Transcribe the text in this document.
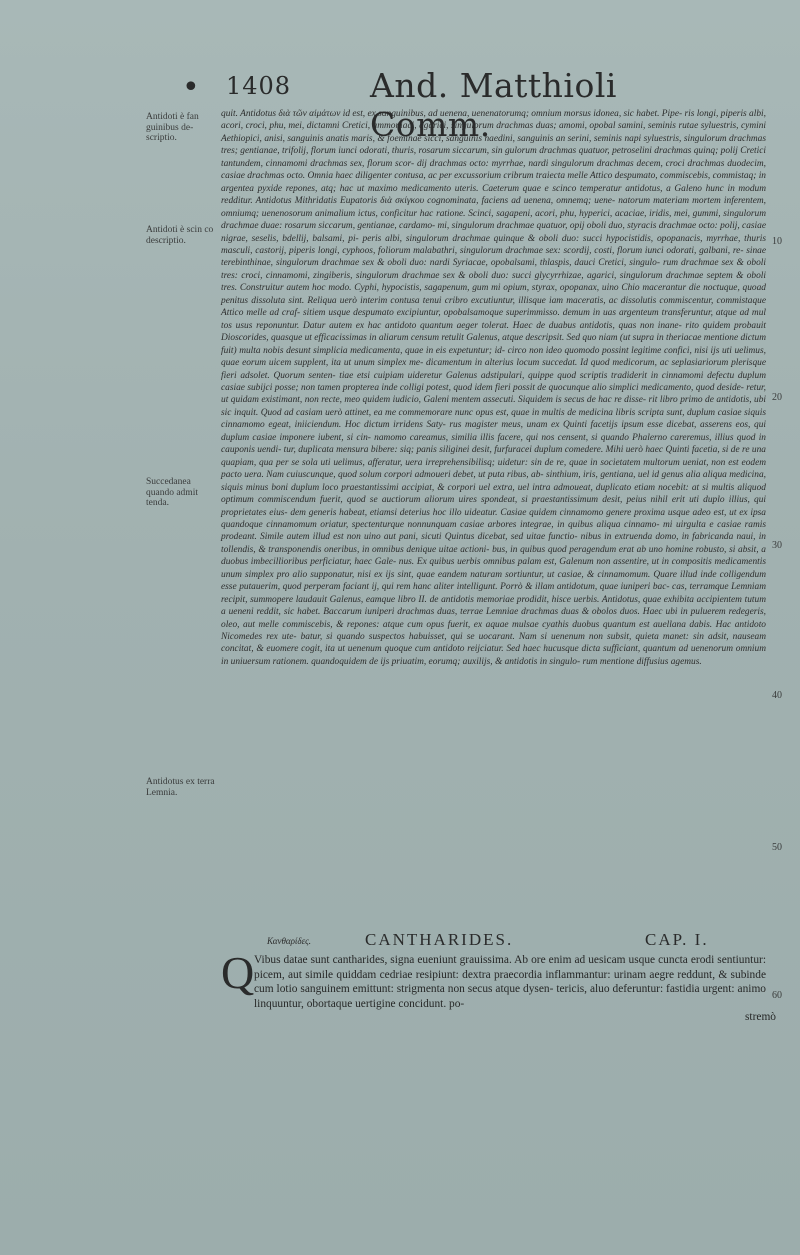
• 1408 And. Matthioli Comm.
Antidoti è fan guinibus de-scriptio.
Antidoti è scin co descriptio.
Succedanea quando admit tenda.
Antidotus ex terra Lemnia.
10
20
30
40
50
60

quit. Antidotus διὰ τῶν αἱμάτων id est, ex sanguinibus, ad uenena, uenenatorumq; omnium morsus idonea, sic habet. Pipe- ris longi, piperis albi, acori, croci, phu, mei, dictamni Cretici, ammoniaci, agarici, singulorum drachmas duas; amomi, opobal samini, seminis rutae syluestris, cymini Aethiopici, anisi, sanguinis anatis maris, & foeminae sicci, sanguinis haedini, sanguinis an serini, seminis napi syluestris, singulorum drachmas tres; gentianae, trifolij, florum iunci odorati, thuris, rosarum siccarum, sin gulorum drachmas quatuor, petroselini drachmas quinq; polij Cretici tantundem, cinnamomi drachmas sex, florum scor- dij drachmas octo: myrrhae, nardi singulorum drachmas decem, croci drachmas duodecim, casiae drachmas octo. Omnia haec diligenter contusa, ac per excussorium cribrum traiecta melle Attico despumato, commiscebis, commistaq; in argentea pyxide repones, atq; hac ut maximo medicamento uteris. Caeterum quae e scinco temperatur antidotus, a Galeno hunc in modum redditur. Antidotus Mithridatis Eupatoris διὰ σκίγκου cognominata, faciens ad uenena, omnemq; uene- natorum materiam mortem inferentem, omniumq; uenenosorum animalium ictus, conficitur hac ratione. Scinci, sagapeni, acori, phu, hyperici, acaciae, iridis, mei, gummi, singulorum drachmae duae: rosarum siccarum, gentianae, cardamo- mi, singulorum drachmae quatuor, opij oboli duo, styracis drachmae octo: polij, casiae nigrae, seselis, bdellij, balsami, pi- peris albi, singulorum drachmae quinque & oboli duo: succi hypocistidis, opopanacis, myrrhae, thuris masculi, castorij, piperis longi, cyphoos, foliorum malabathri, singulorum drachmae sex: scordij, costi, florum iunci odorati, galbani, re- sinae terebinthinae, singulorum drachmae sex & oboli duo: nardi Syriacae, opobalsami, thlaspis, dauci Cretici, singulo- rum drachmae sex & oboli tres: croci, cinnamomi, zingiberis, singulorum drachmae sex & oboli duo: succi glycyrrhizae, agarici, singulorum drachmae septem & oboli tres. Construitur autem hoc modo. Cyphi, hypocistis, sagapenum, gum mi opium, styrax, opopanax, uino Chio macerantur die noctuque, quoad penitus dissoluta sint. Reliqua uerò interim contusa tenui cribro excutiuntur, illisque iam maceratis, ac dissolutis commiscentur, commistaque Attico melle ad craf- sitiem usque despumato excipiuntur, opobalsamoque superimmisso. demum in uas argenteum transferuntur, atque ad mul tos usus reponuntur. Datur autem ex hac antidoto quantum aeger tolerat. Haec de duabus antidotis, quas non inane- rito quidem probauit Dioscorides, quasque ut efficacissimas in aliarum censum retulit Galenus, atque descripsit. Sed quo niam (ut supra in theriacae mentione dictum fuit) multa nobis desunt simplicia medicamenta, quae in eis expetuntur; id- circo non ideo quomodo possint legitime confici, nisi ijs uti uelimus, quae eorum uicem supplent, ita ut unum simplex me- dicamentum in alterius locum succedat. Id quod medicorum, ac seplasiariorum plerisque fieri adsolet. Quorum senten- tiae etsi cuipiam uideretur Galenus adstipulari, quippe quod scriptis tradiderit in cinnamomi defectu duplum casiae subijci posse; non tamen propterea inde colligi potest, quod idem fieri possit de quocunque alio simplici medicamento, quod deside- retur, ut quidam existimant, non recte, meo quidem iudicio, Galeni mentem assecuti. Siquidem is secus de hac re disse- rit libro primo de antidotis, ubi sic inquit. Quod ad casiam uerò attinet, ea me commemorare nunc opus est, quae in multis de medicina libris scripta sunt, duplum casiae siquis cinnamomo egeat, iniiciendum. Hoc dictum irridens Saty- rus magister meus, unam ex Quinti facetijs ipsum esse dicebat, asserens eos, qui duplum casiae imponere iubent, si cin- namomo careamus, similia illis facere, qui nos censent, si quando Phalerno careremus, illius quod in cauponis uendi- tur, duplicata mensura bibere: siq; panis siliginei desit, furfuracei duplum comedere. Mihi uerò haec Quinti facetia, si de re una quapiam, qua per se sola uti uelimus, afferatur, uera irreprehensibilisq; uidetur: sin de re, quae in societatem multorum ueniat, non est eodem pacto uera. Nam cuiuscunque, quod solum corpori admoueri debet, ut puta ribus, ab- sinthium, iris, gentiana, uel id genus alia aliqua medicina, siquis minus boni duplum loco praestantissimi accipiat, & corpori uel extra, uel intra admoueat, duplicato etiam nocebit: at si multis aliquod optimum commiscendum fuerit, quod se auctiorum aliorum uires spondeat, si praestantissimum desit, peius nihil erit uti duplo illius, qui proprietates eius- dem generis habeat, etiamsi deterius hoc illo uideatur. Casiae quidem cinnamomo genere proxima usque adeo est, ut ex ipsa quandoque cinnamomum oriatur, spectenturque nonnunquam casiae arbores integrae, in quibus aliqua cinnamo- mi uirgulta e casiae ramis prodeant. Simile autem illud est non uino aut pani, sicuti Quintus dicebat, sed uitae functio- nibus in extruenda domo, in fabricanda naui, in tollendis, & transponendis oneribus, in omnibus denique uitae actioni- bus, in quibus quod peragendum erat ab uno homine robusto, si absit, a duobus imbecillioribus perficiatur, haec Gale- nus. Ex quibus uerbis omnibus palam est, Galenum non assentire, ut in compositis medicamentis unum simplex pro alio supponatur, nisi ex ijs sint, quae eandem naturam sortiuntur, ut casiae, & cinnamomum. Quare illud inde colligendum esse putauerim, quod perperam faciant ij, qui rem hanc aliter intelligunt. Porrò & illam antidotum, quae iuniperi bac- cas, terramque Lemniam recipit, summopere laudauit Galenus, eamque libro II. de antidotis memoriae prodidit, hisce uerbis. Antidotus, quae exhibita accipientem tutum a ueneni reddit, sic habet. Baccarum iuniperi drachmas duas, terrae Lemniae drachmas duas & obolos duos. Haec ubi in puluerem redegeris, oleo, aut melle commiscebis, & repones: atque cum opus fuerit, ex aquae mulsae cyathis duobus quantum est auellana dabis. Hac antidoto Nicomedes rex ute- batur, si quando suspectos habuisset, qui se uocarant. Nam si uenenum non subsit, quieta manet: sin adsit, nauseam concitat, & euomere cogit, ita ut uenenum quoque cum antidoto reijciatur. Sed haec hucusque dicta sufficiant, quantum ad uenenorum omnium in uniuersum rationem. quandoquidem de ijs priuatim, eorumq; auxilijs, & antidotis in singulo- rum mentione diffusius agemus.

Κανθαρίδες.	CANTHARIDES.	CAP. I.
Q Vibus datae sunt cantharides, signa eueniunt grauissima. Ab ore enim ad uesicam usque cuncta erodi sentiuntur: picem, aut simile quiddam cedriae resipiunt: dextra praecordia inflammantur: urinam aegre reddunt, & subinde cum lotio sanguinem emittunt: strigmenta non secus atque dysen- tericis, aluo deferuntur: fastidia urgent: animo linquuntur, obortaque uertigine concidunt. po-
stremò
